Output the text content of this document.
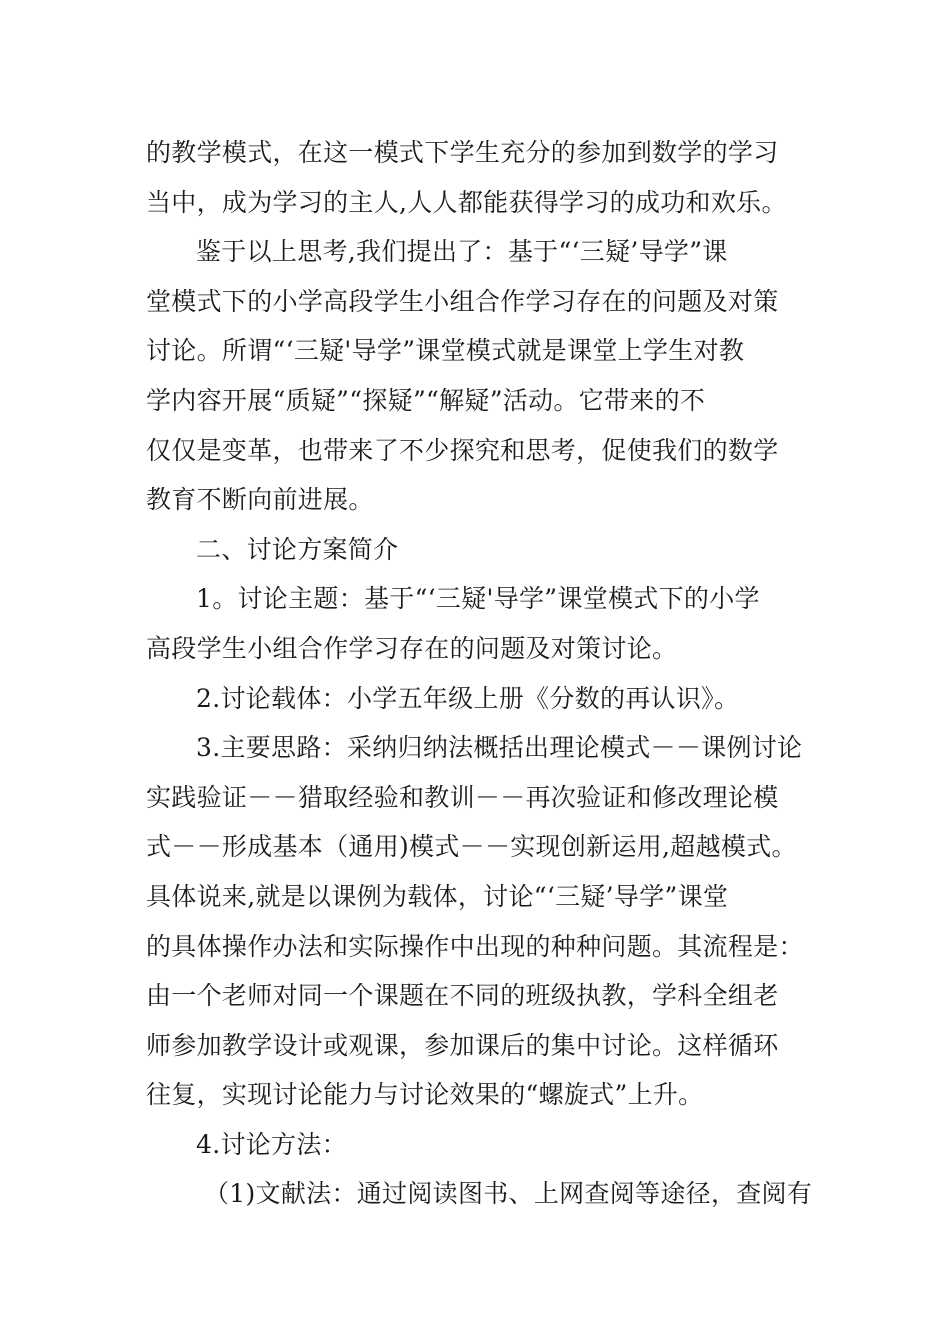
的教学模式，在这一模式下学生充分的参加到数学的学习
当中，成为学习的主人,人人都能获得学习的成功和欢乐。
鉴于以上思考,我们提出了：基于“‘三疑’导学”课
堂模式下的小学高段学生小组合作学习存在的问题及对策
讨论。所谓“‘三疑'导学”课堂模式就是课堂上学生对教
学内容开展“质疑”“探疑”“解疑”活动。它带来的不
仅仅是变革，也带来了不少探究和思考，促使我们的数学
教育不断向前进展。
二、讨论方案简介
1。讨论主题：基于“‘三疑'导学”课堂模式下的小学
高段学生小组合作学习存在的问题及对策讨论。
2.讨论载体：小学五年级上册《分数的再认识》。
3.主要思路：采纳归纳法概括出理论模式－－课例讨论
实践验证－－猎取经验和教训－－再次验证和修改理论模
式－－形成基本（通用)模式－－实现创新运用,超越模式。
具体说来,就是以课例为载体，讨论“‘三疑’导学”课堂
的具体操作办法和实际操作中出现的种种问题。其流程是：
由一个老师对同一个课题在不同的班级执教，学科全组老
师参加教学设计或观课，参加课后的集中讨论。这样循环
往复，实现讨论能力与讨论效果的“螺旋式”上升。
4.讨论方法：
（1)文献法：通过阅读图书、上网查阅等途径，查阅有
